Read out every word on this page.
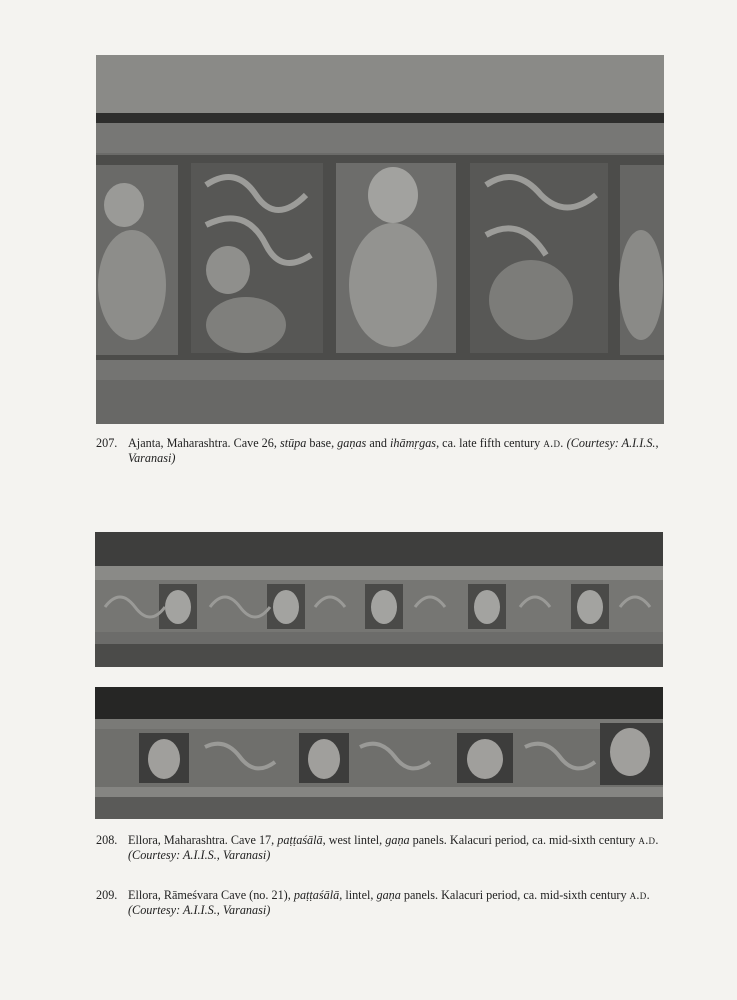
207. Ajanta, Maharashtra. Cave 26, stūpa base, gaṇas and ihāmṛgas, ca. late fifth century a.d. (Courtesy: A.I.I.S., Varanasi)
208. Ellora, Maharashtra. Cave 17, paṭṭaśālā, west lintel, gaṇa panels. Kalacuri period, ca. mid-sixth century a.d. (Courtesy: A.I.I.S., Varanasi)
209. Ellora, Rāmeśvara Cave (no. 21), paṭṭaśālā, lintel, gaṇa panels. Kalacuri period, ca. mid-sixth century a.d. (Courtesy: A.I.I.S., Varanasi)
